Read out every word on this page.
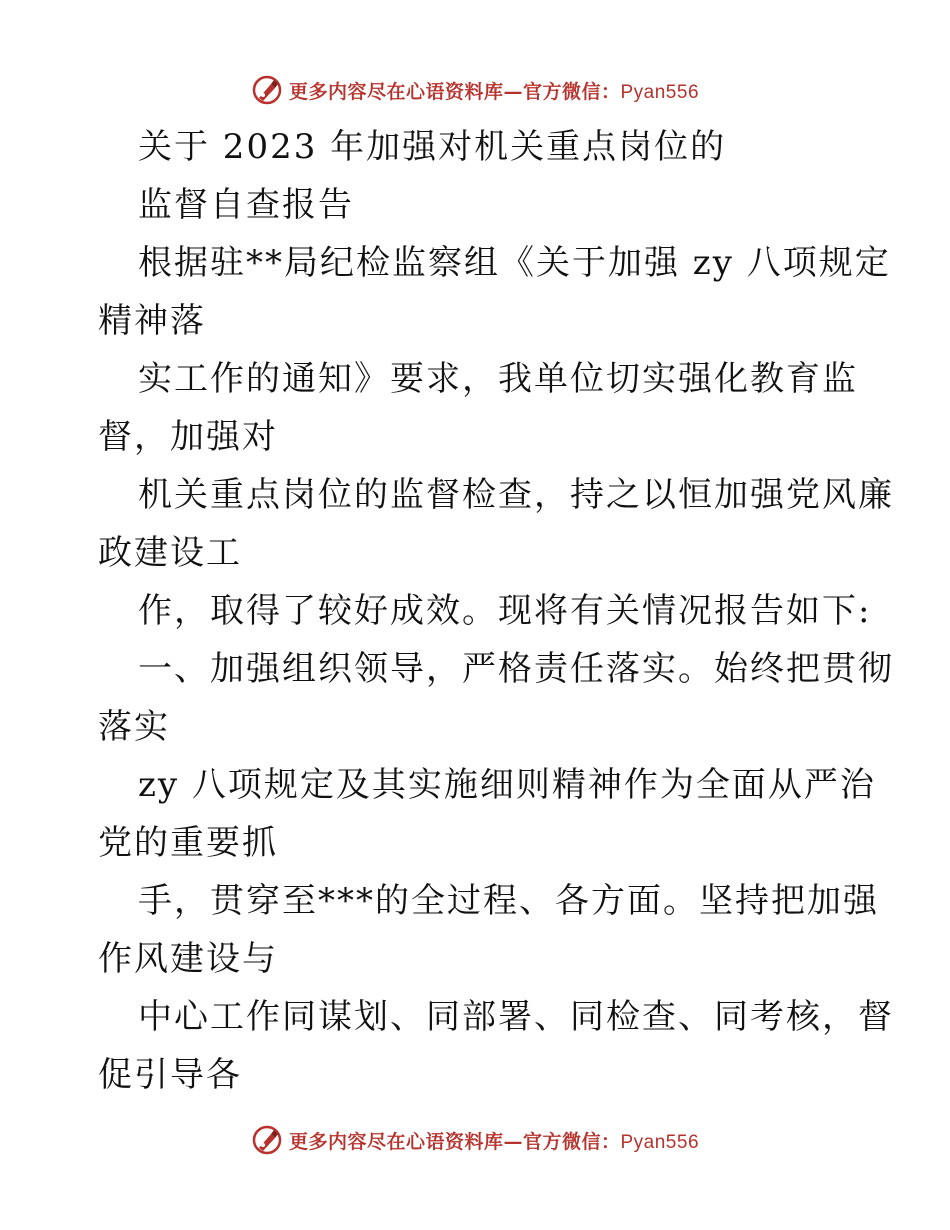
更多内容尽在心语资料库—官方微信：Pyan556
关于 2023 年加强对机关重点岗位的
监督自查报告
根据驻**局纪检监察组《关于加强 zy 八项规定
精神落
实工作的通知》要求，我单位切实强化教育监
督，加强对
机关重点岗位的监督检查，持之以恒加强党风廉
政建设工
作，取得了较好成效。现将有关情况报告如下:
一、加强组织领导，严格责任落实。始终把贯彻
落实
zy 八项规定及其实施细则精神作为全面从严治
党的重要抓
手，贯穿至***的全过程、各方面。坚持把加强
作风建设与
中心工作同谋划、同部署、同检查、同考核，督
促引导各
更多内容尽在心语资料库—官方微信：Pyan556
